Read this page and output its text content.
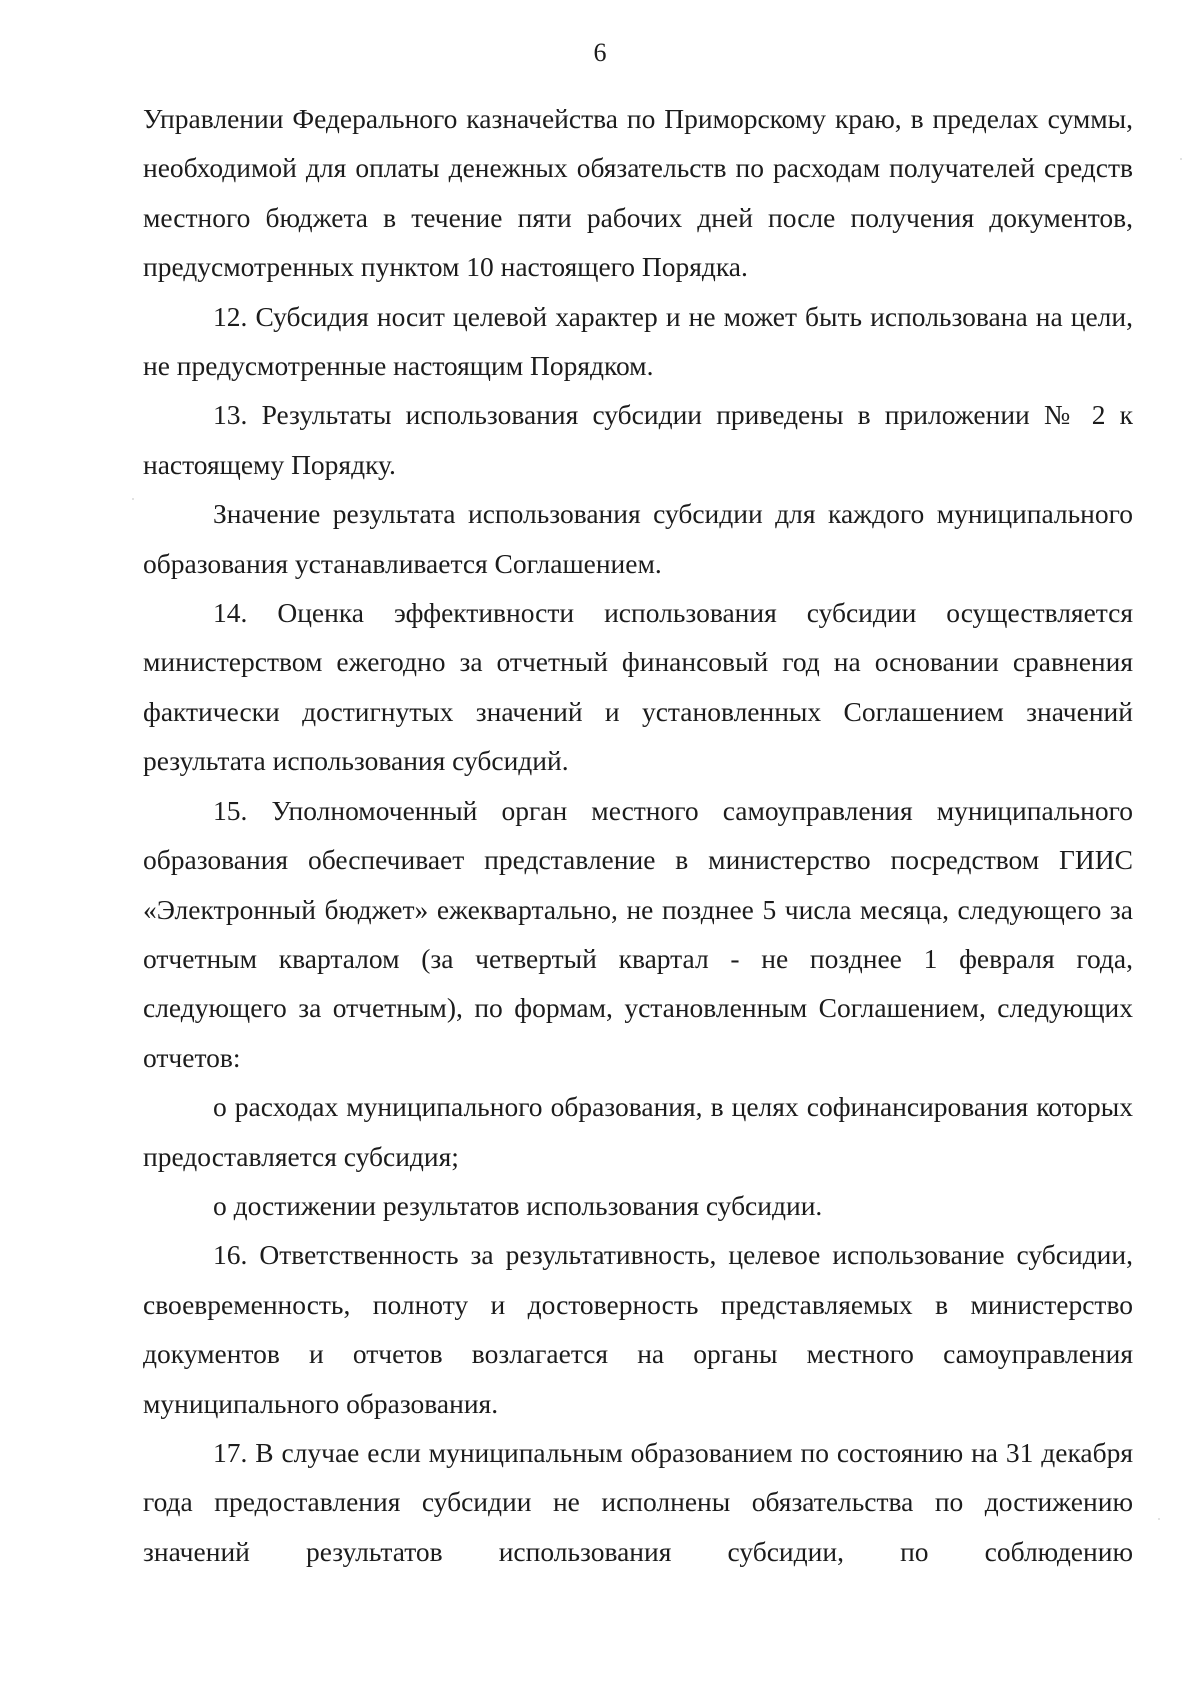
6

Управлении Федерального казначейства по Приморскому краю, в пределах суммы, необходимой для оплаты денежных обязательств по расходам получателей средств местного бюджета в течение пяти рабочих дней после получения документов, предусмотренных пунктом 10 настоящего Порядка.

12. Субсидия носит целевой характер и не может быть использована на цели, не предусмотренные настоящим Порядком.

13. Результаты использования субсидии приведены в приложении № 2 к настоящему Порядку.

Значение результата использования субсидии для каждого муниципального образования устанавливается Соглашением.

14. Оценка эффективности использования субсидии осуществляется министерством ежегодно за отчетный финансовый год на основании сравнения фактически достигнутых значений и установленных Соглашением значений результата использования субсидий.

15. Уполномоченный орган местного самоуправления муниципального образования обеспечивает представление в министерство посредством ГИИС «Электронный бюджет» ежеквартально, не позднее 5 числа месяца, следующего за отчетным кварталом (за четвертый квартал - не позднее 1 февраля года, следующего за отчетным), по формам, установленным Соглашением, следующих отчетов:

о расходах муниципального образования, в целях софинансирования которых предоставляется субсидия;

о достижении результатов использования субсидии.

16. Ответственность за результативность, целевое использование субсидии, своевременность, полноту и достоверность представляемых в министерство документов и отчетов возлагается на органы местного самоуправления муниципального образования.

17. В случае если муниципальным образованием по состоянию на 31 декабря года предоставления субсидии не исполнены обязательства по достижению значений результатов использования субсидии, по соблюдению
